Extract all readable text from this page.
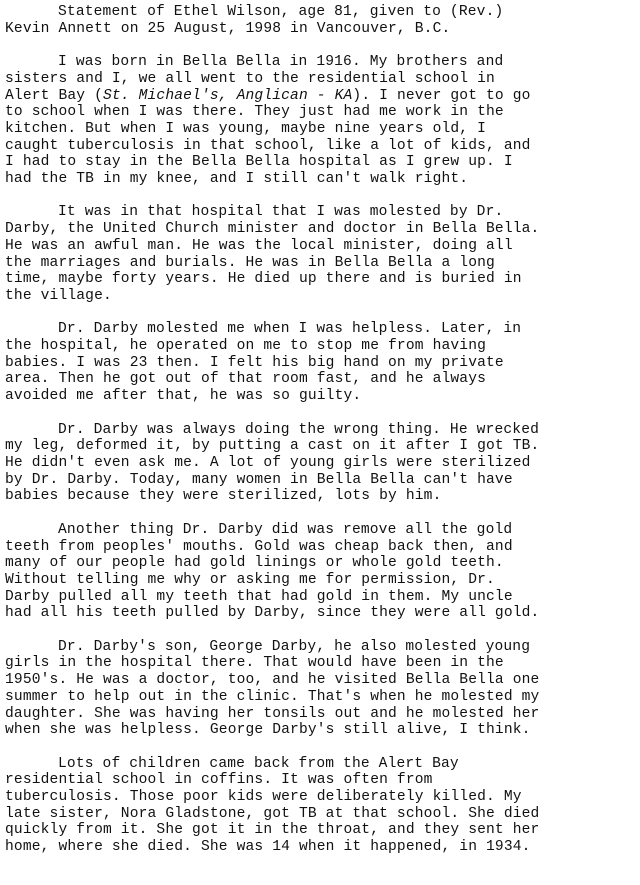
Statement of Ethel Wilson, age 81, given to (Rev.)
Kevin Annett on 25 August, 1998 in Vancouver, B.C.
I was born in Bella Bella in 1916. My brothers and
sisters and I, we all went to the residential school in
Alert Bay (St. Michael's, Anglican - KA). I never got to go
to school when I was there. They just had me work in the
kitchen. But when I was young, maybe nine years old, I
caught tuberculosis in that school, like a lot of kids, and
I had to stay in the Bella Bella hospital as I grew up. I
had the TB in my knee, and I still can't walk right.
It was in that hospital that I was molested by Dr.
Darby, the United Church minister and doctor in Bella Bella.
He was an awful man. He was the local minister, doing all
the marriages and burials. He was in Bella Bella a long
time, maybe forty years. He died up there and is buried in
the village.
Dr. Darby molested me when I was helpless. Later, in
the hospital, he operated on me to stop me from having
babies. I was 23 then. I felt his big hand on my private
area. Then he got out of that room fast, and he always
avoided me after that, he was so guilty.
Dr. Darby was always doing the wrong thing. He wrecked
my leg, deformed it, by putting a cast on it after I got TB.
He didn't even ask me. A lot of young girls were sterilized
by Dr. Darby. Today, many women in Bella Bella can't have
babies because they were sterilized, lots by him.
Another thing Dr. Darby did was remove all the gold
teeth from peoples' mouths. Gold was cheap back then, and
many of our people had gold linings or whole gold teeth.
Without telling me why or asking me for permission, Dr.
Darby pulled all my teeth that had gold in them. My uncle
had all his teeth pulled by Darby, since they were all gold.
Dr. Darby's son, George Darby, he also molested young
girls in the hospital there. That would have been in the
1950's. He was a doctor, too, and he visited Bella Bella one
summer to help out in the clinic. That's when he molested my
daughter. She was having her tonsils out and he molested her
when she was helpless. George Darby's still alive, I think.
Lots of children came back from the Alert Bay
residential school in coffins. It was often from
tuberculosis. Those poor kids were deliberately killed. My
late sister, Nora Gladstone, got TB at that school. She died
quickly from it. She got it in the throat, and they sent her
home, where she died. She was 14 when it happened, in 1934.
